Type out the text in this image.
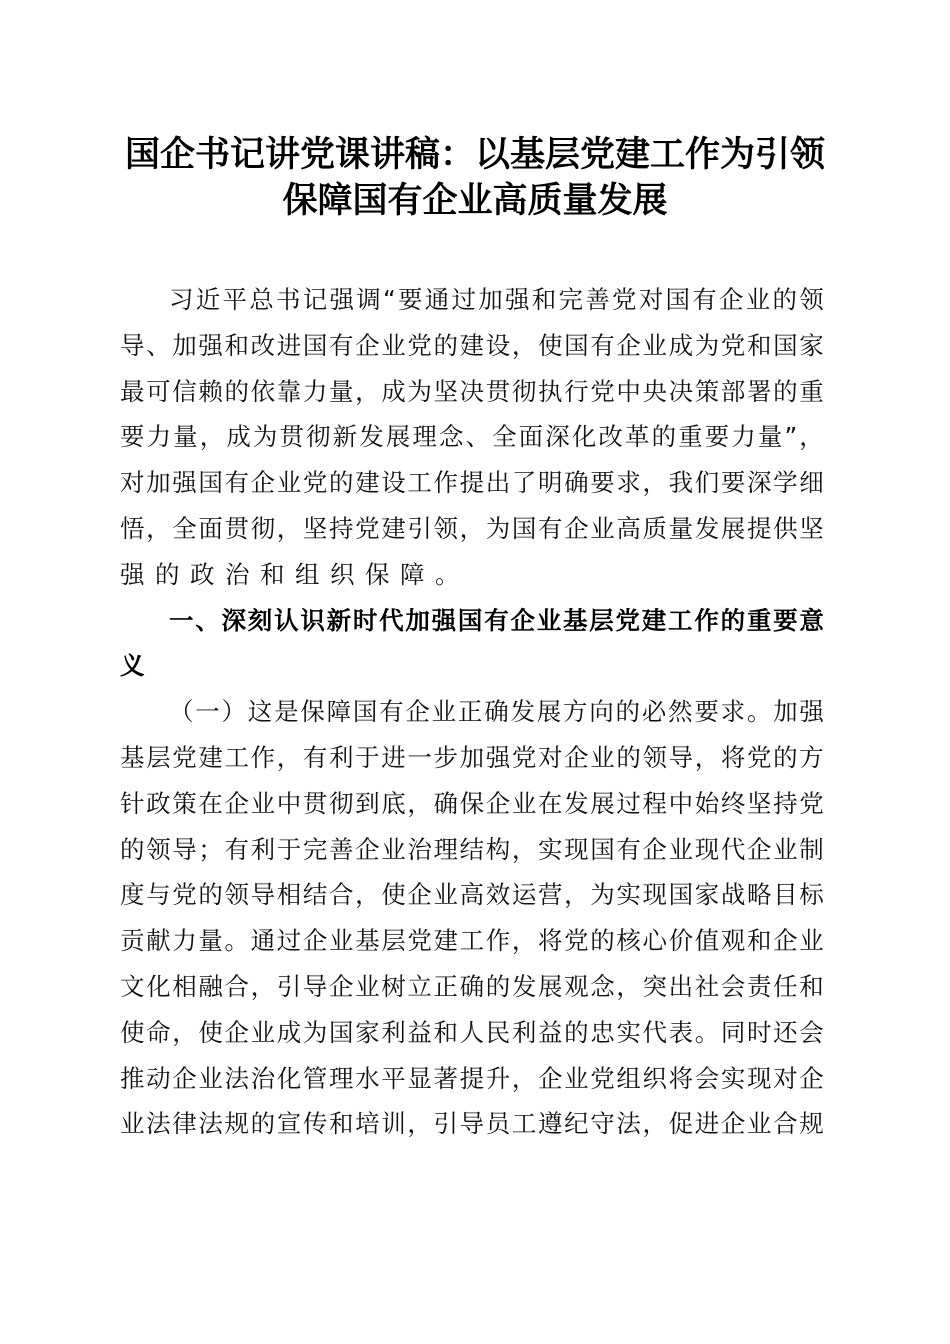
国企书记讲党课讲稿：以基层党建工作为引领
保障国有企业高质量发展
习 近 平 总 书 记 强 调 “ 要 通 过 加 强 和 完 善 党 对 国 有 企 业 的 领
导 、 加 强 和 改 进 国 有 企 业 党 的 建 设 ， 使 国 有 企 业 成 为 党 和 国 家
最 可 信 赖 的 依 靠 力 量 ， 成 为 坚 决 贯 彻 执 行 党 中 央 决 策 部 署 的 重
要 力 量 ， 成 为 贯 彻 新 发 展 理 念 、 全 面 深 化 改 革 的 重 要 力 量 ” ，
对 加 强 国 有 企 业 党 的 建 设 工 作 提 出 了 明 确 要 求 ， 我 们 要 深 学 细
悟 ， 全 面 贯 彻 ， 坚 持 党 建 引 领 ， 为 国 有 企 业 高 质 量 发 展 提 供 坚
强 的 政 治 和 组 织 保 障 。
一 、 深 刻 认 识 新 时 代 加 强 国 有 企 业 基 层 党 建 工 作 的 重 要 意
义
（ 一 ） 这 是 保 障 国 有 企 业 正 确 发 展 方 向 的 必 然 要 求 。 加 强
基 层 党 建 工 作 ， 有 利 于 进 一 步 加 强 党 对 企 业 的 领 导 ， 将 党 的 方
针 政 策 在 企 业 中 贯 彻 到 底 ， 确 保 企 业 在 发 展 过 程 中 始 终 坚 持 党
的 领 导 ； 有 利 于 完 善 企 业 治 理 结 构 ， 实 现 国 有 企 业 现 代 企 业 制
度 与 党 的 领 导 相 结 合 ， 使 企 业 高 效 运 营 ， 为 实 现 国 家 战 略 目 标
贡 献 力 量 。 通 过 企 业 基 层 党 建 工 作 ， 将 党 的 核 心 价 值 观 和 企 业
文 化 相 融 合 ， 引 导 企 业 树 立 正 确 的 发 展 观 念 ， 突 出 社 会 责 任 和
使 命 ， 使 企 业 成 为 国 家 利 益 和 人 民 利 益 的 忠 实 代 表 。 同 时 还 会
推 动 企 业 法 治 化 管 理 水 平 显 著 提 升 ， 企 业 党 组 织 将 会 实 现 对 企
业 法 律 法 规 的 宣 传 和 培 训 ， 引 导 员 工 遵 纪 守 法 ， 促 进 企 业 合 规
